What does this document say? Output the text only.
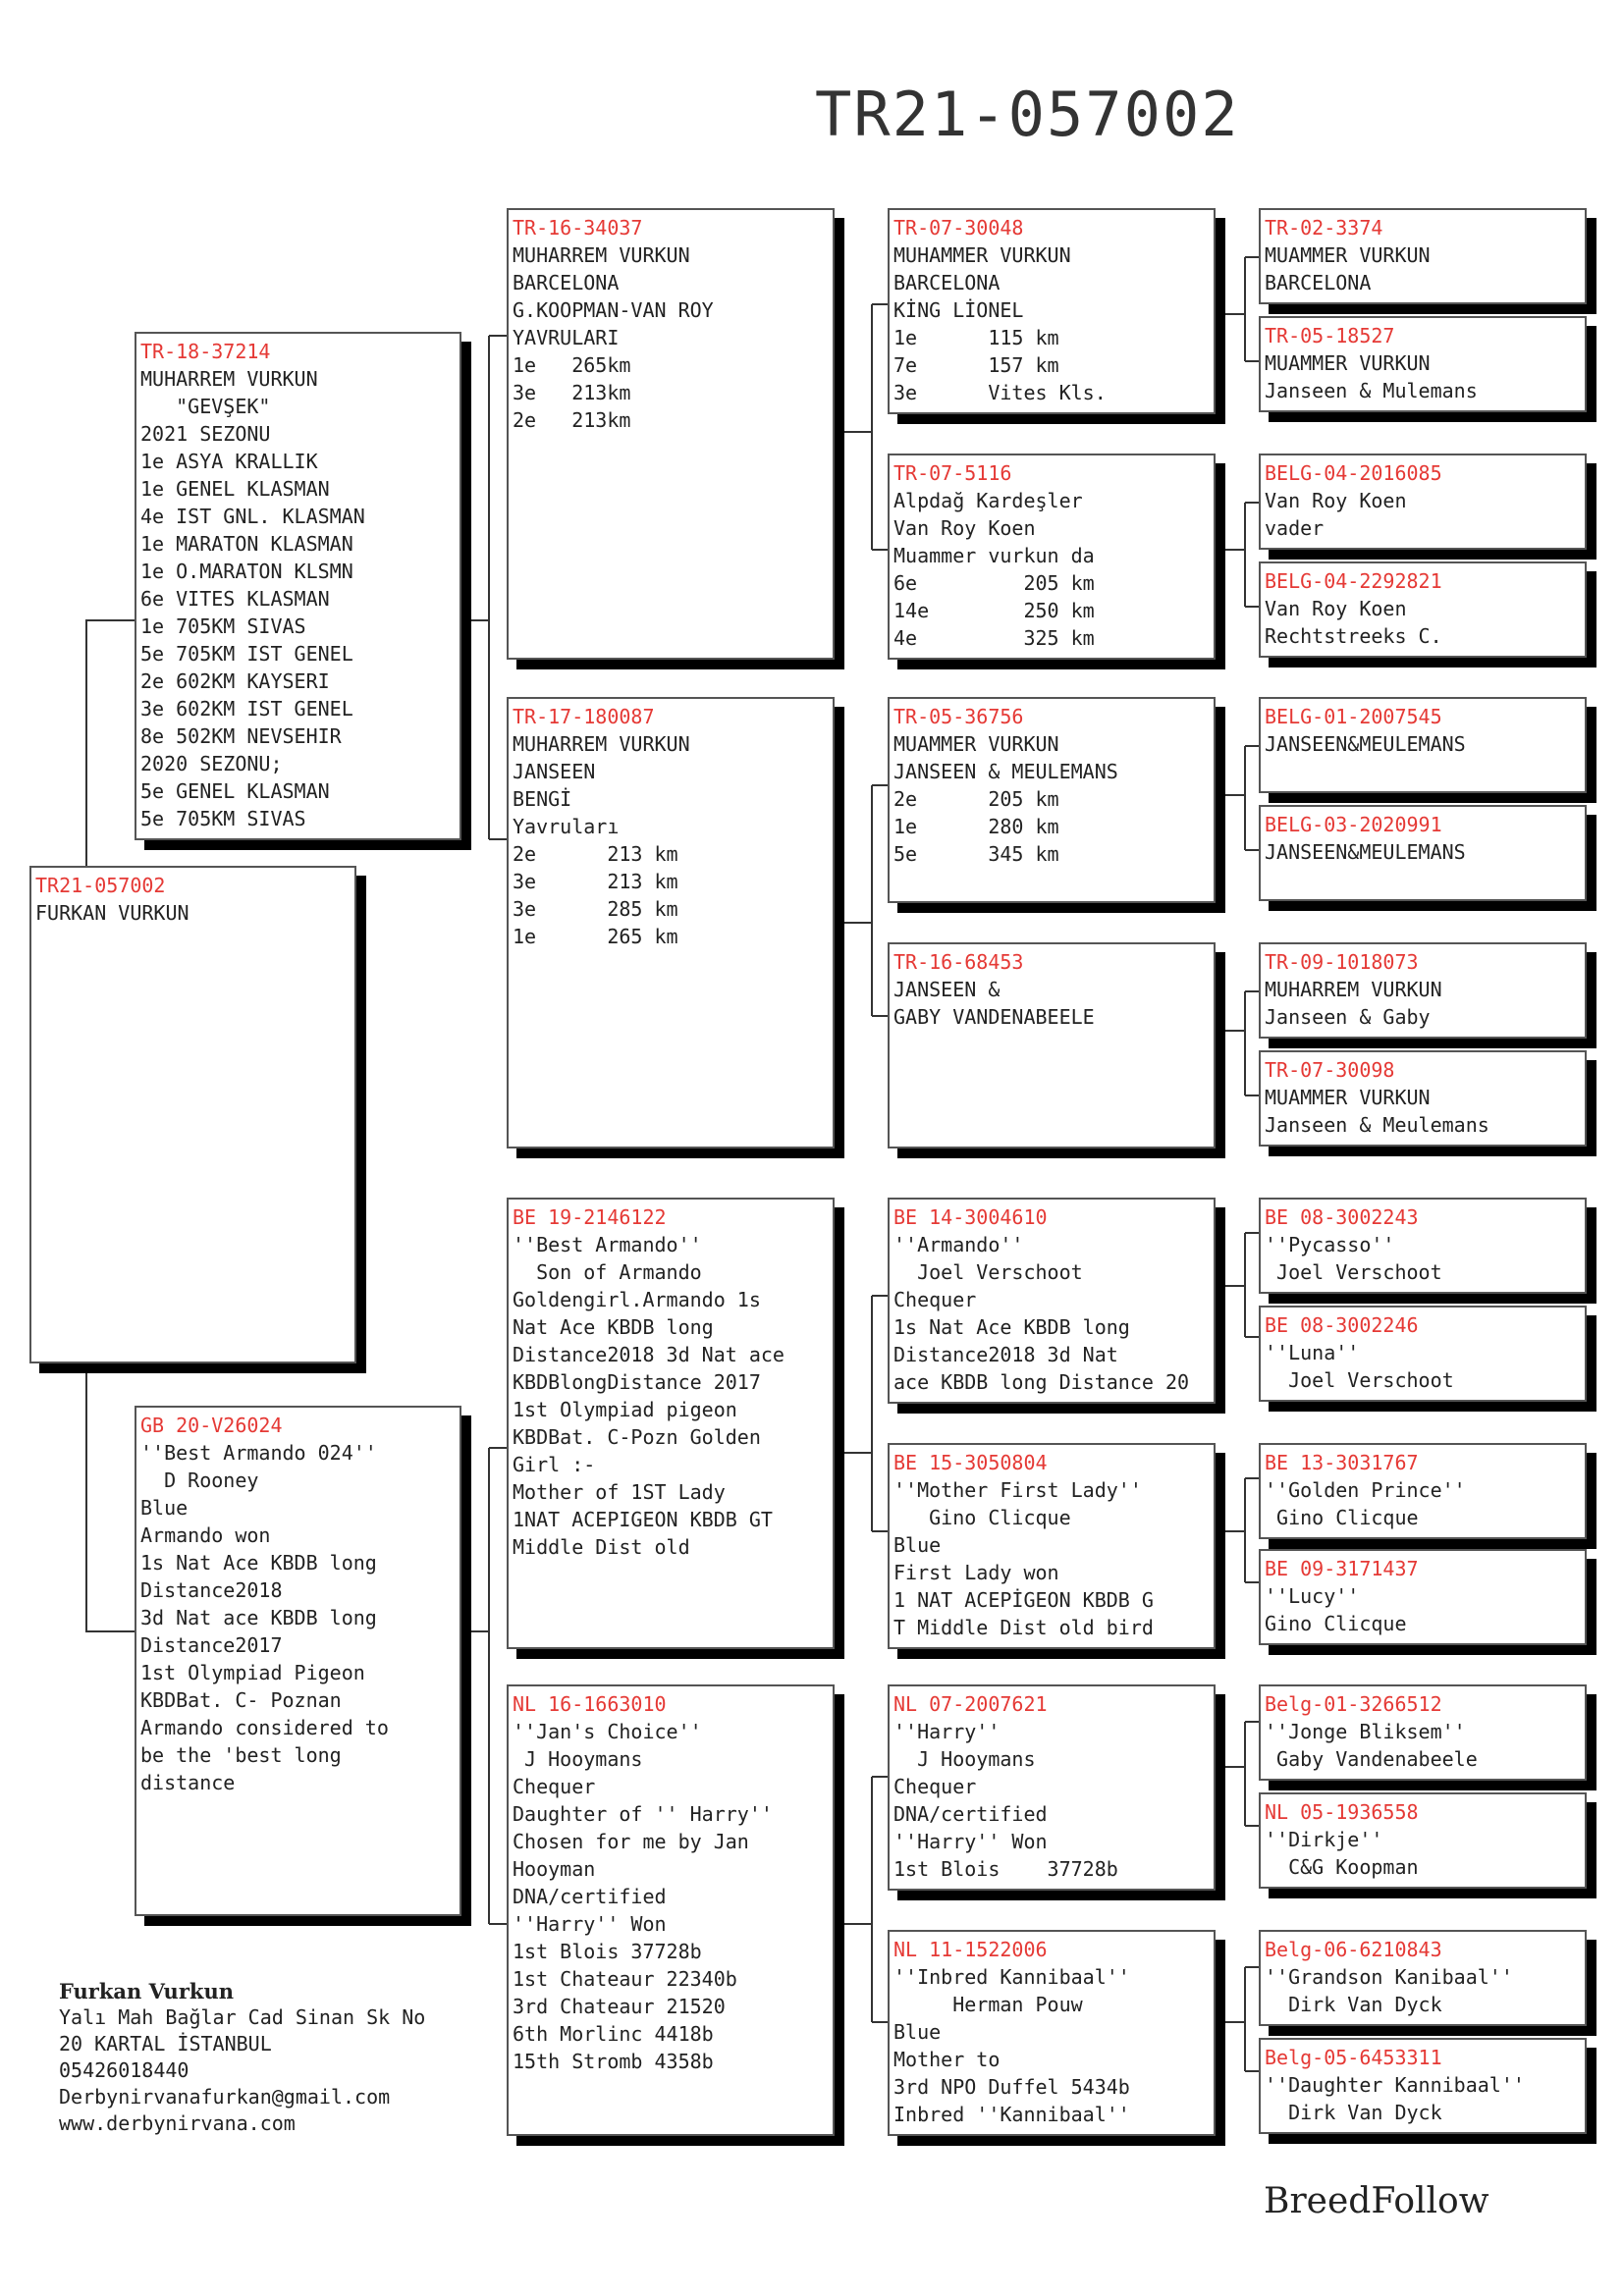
TR21-057002
TR21-057002
FURKAN VURKUN
TR-18-37214
MUHARREM VURKUN
"GEVŞEK"
2021 SEZONU
1e ASYA KRALLIK
1e GENEL KLASMAN
4e IST GNL. KLASMAN
1e MARATON KLASMAN
1e O.MARATON KLSMN
6e VITES KLASMAN
1e 705KM SIVAS
5e 705KM IST GENEL
2e 602KM KAYSERI
3e 602KM IST GENEL
8e 502KM NEVSEHIR
2020 SEZONU;
5e GENEL KLASMAN
5e 705KM SIVAS
GB 20-V26024
''Best Armando 024''
D Rooney
Blue
Armando won
1s Nat Ace KBDB long
Distance2018
3d Nat ace KBDB long
Distance2017
1st Olympiad Pigeon
KBDBat. C- Poznan
Armando considered to
be the 'best long
distance
TR-16-34037
MUHARREM VURKUN
BARCELONA
G.KOOPMAN-VAN ROY
YAVRULARI
1e   265km
3e   213km
2e   213km
TR-17-180087
MUHARREM VURKUN
JANSEEN
BENGİ
Yavruları
2e      213 km
3e      213 km
3e      285 km
1e      265 km
BE 19-2146122
''Best Armando''
Son of Armando
Goldengirl.Armando 1s
Nat Ace KBDB long
Distance2018 3d Nat ace
KBDBlongDistance 2017
1st Olympiad pigeon
KBDBat. C-Pozn Golden
Girl :-
Mother of 1ST Lady
1NAT ACEPIGEON KBDB GT
Middle Dist old
NL 16-1663010
''Jan's Choice''
J Hooymans
Chequer
Daughter of '' Harry''
Chosen for me by Jan
Hooyman
DNA/certified
''Harry'' Won
1st Blois 37728b
1st Chateaur 22340b
3rd Chateaur 21520
6th Morlinc 4418b
15th Stromb 4358b
TR-07-30048
MUHAMMER VURKUN
BARCELONA
KİNG LİONEL
1e      115 km
7e      157 km
3e      Vites Kls.
TR-07-5116
Alpdağ Kardeşler
Van Roy Koen
Muammer vurkun da
6e         205 km
14e        250 km
4e         325 km
TR-05-36756
MUAMMER VURKUN
JANSEEN & MEULEMANS
2e      205 km
1e      280 km
5e      345 km
TR-16-68453
JANSEEN &
GABY VANDENABEELE
BE 14-3004610
''Armando''
Joel Verschoot
Chequer
1s Nat Ace KBDB long
Distance2018 3d Nat
ace KBDB long Distance 20
BE 15-3050804
''Mother First Lady''
Gino Clicque
Blue
First Lady won
1 NAT ACEPİGEON KBDB G
T Middle Dist old bird
NL 07-2007621
''Harry''
J Hooymans
Chequer
DNA/certified
''Harry'' Won
1st Blois    37728b
NL 11-1522006
''Inbred Kannibaal''
Herman Pouw
Blue
Mother to
3rd NPO Duffel 5434b
Inbred ''Kannibaal''
TR-02-3374
MUAMMER VURKUN
BARCELONA
TR-05-18527
MUAMMER VURKUN
Janseen & Mulemans
BELG-04-2016085
Van Roy Koen
vader
BELG-04-2292821
Van Roy Koen
Rechtstreeks C.
BELG-01-2007545
JANSEEN&MEULEMANS
BELG-03-2020991
JANSEEN&MEULEMANS
TR-09-1018073
MUHARREM VURKUN
Janseen & Gaby
TR-07-30098
MUAMMER VURKUN
Janseen & Meulemans
BE 08-3002243
''Pycasso''
Joel Verschoot
BE 08-3002246
''Luna''
Joel Verschoot
BE 13-3031767
''Golden Prince''
Gino Clicque
BE 09-3171437
''Lucy''
Gino Clicque
Belg-01-3266512
''Jonge Bliksem''
Gaby Vandenabeele
NL 05-1936558
''Dirkje''
C&G Koopman
Belg-06-6210843
''Grandson Kanibaal''
Dirk Van Dyck
Belg-05-6453311
''Daughter Kannibaal''
Dirk Van Dyck
Furkan Vurkun
Yalı Mah Bağlar Cad Sinan Sk No
20 KARTAL İSTANBUL
05426018440
Derbynirvanafurkan@gmail.com
www.derbynirvana.com
BreedFollow
